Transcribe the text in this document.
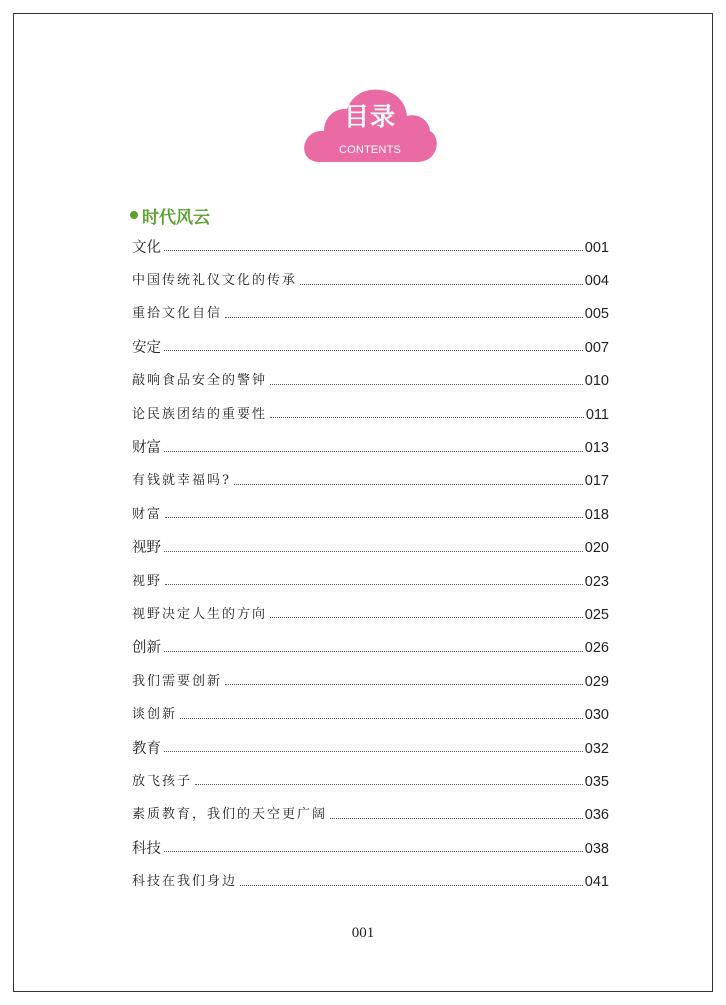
目录
CONTENTS
时代风云
文化	001
中国传统礼仪文化的传承	004
重拾文化自信	005
安定	007
敲响食品安全的警钟	010
论民族团结的重要性	011
财富	013
有钱就幸福吗?	017
财富	018
视野	020
视野	023
视野决定人生的方向	025
创新	026
我们需要创新	029
谈创新	030
教育	032
放飞孩子	035
素质教育，我们的天空更广阔	036
科技	038
科技在我们身边	041
001
